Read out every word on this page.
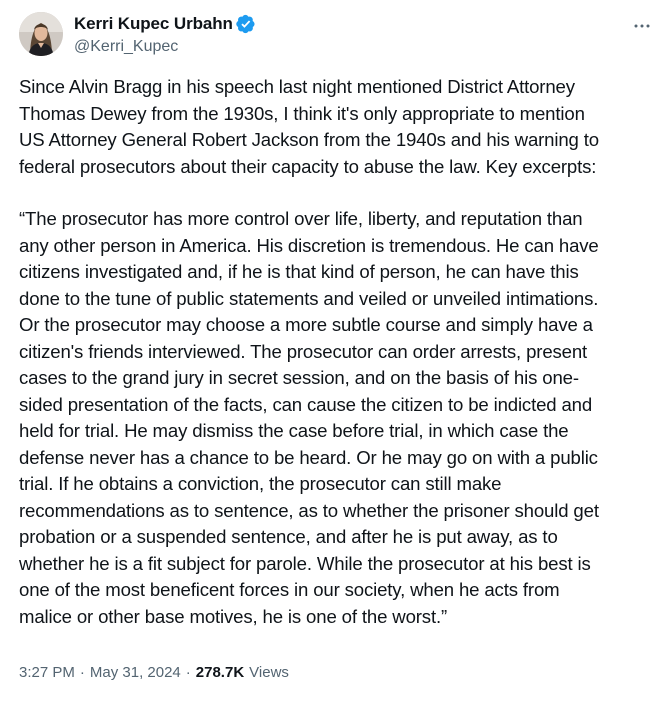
Kerri Kupec Urbahn
@Kerri_Kupec

Since Alvin Bragg in his speech last night mentioned District Attorney
Thomas Dewey from the 1930s, I think it's only appropriate to mention
US Attorney General Robert Jackson from the 1940s and his warning to
federal prosecutors about their capacity to abuse the law. Key excerpts:

“The prosecutor has more control over life, liberty, and reputation than
any other person in America. His discretion is tremendous. He can have
citizens investigated and, if he is that kind of person, he can have this
done to the tune of public statements and veiled or unveiled intimations.
Or the prosecutor may choose a more subtle course and simply have a
citizen's friends interviewed. The prosecutor can order arrests, present
cases to the grand jury in secret session, and on the basis of his one-
sided presentation of the facts, can cause the citizen to be indicted and
held for trial. He may dismiss the case before trial, in which case the
defense never has a chance to be heard. Or he may go on with a public
trial. If he obtains a conviction, the prosecutor can still make
recommendations as to sentence, as to whether the prisoner should get
probation or a suspended sentence, and after he is put away, as to
whether he is a fit subject for parole. While the prosecutor at his best is
one of the most beneficent forces in our society, when he acts from
malice or other base motives, he is one of the worst.”

3:27 PM · May 31, 2024 · 278.7K Views
